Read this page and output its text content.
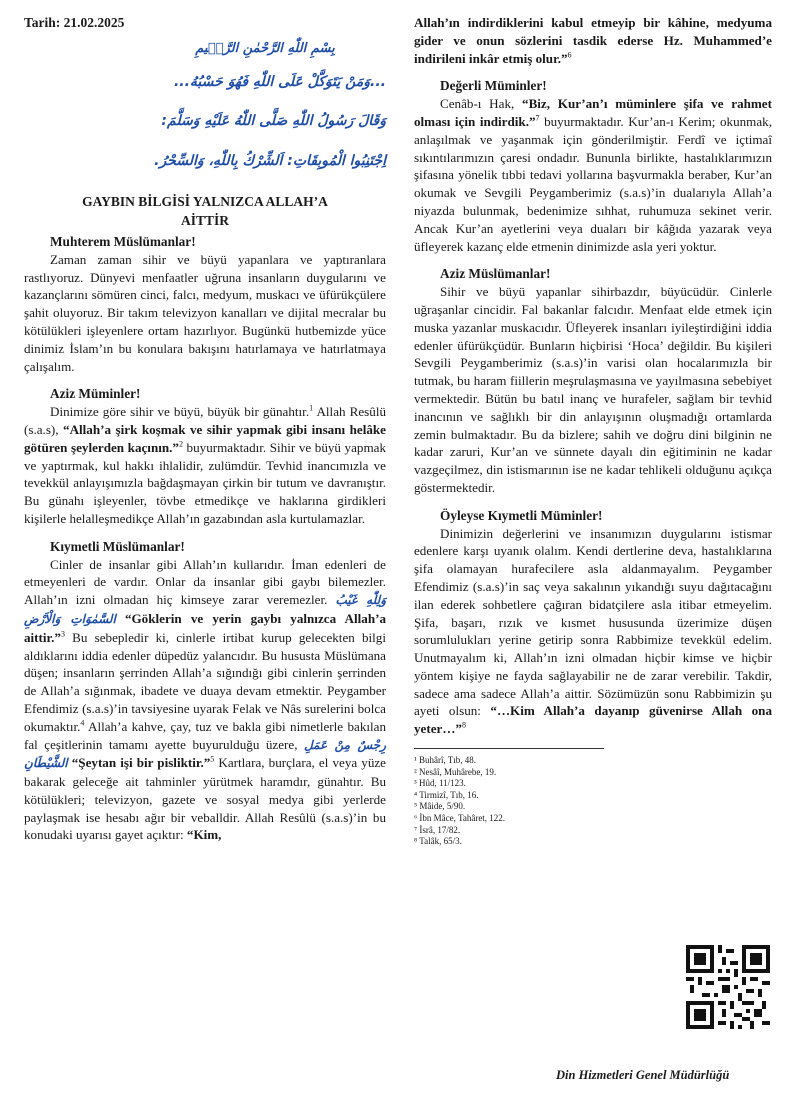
Tarih: 21.02.2025
بِسْمِ اللّٰهِ الرَّحْمٰنِ الرَّح۪يمِ
...وَمَنْ يَتَوَكَّلْ عَلَى اللّٰهِ فَهُوَ حَسْبُهُ...
وَقَالَ رَسُولُ اللّٰهِ صَلَّى اللّٰهُ عَلَيْهِ وَسَلَّمَ:
اِجْتَنِبُوا الْمُوبِقَاتِ: اَلشِّرْكُ بِاللّٰهِ، وَالسِّحْرُ.
GAYBIN BİLGİSİ YALNIZCA ALLAH’A
AİTTİR
Muhterem Müslümanlar!

Zaman zaman sihir ve büyü yapanlara ve yaptıranlara rastlıyoruz. Dünyevi menfaatler uğruna insanların duygularını ve kazançlarını sömüren cinci, falcı, medyum, muskacı ve üfürükçülere şahit oluyoruz. Bir takım televizyon kanalları ve dijital mecralar bu kötülükleri işleyenlere ortam hazırlıyor. Bugünkü hutbemizde yüce dinimiz İslam’ın bu konulara bakışını hatırlamaya ve hatırlatmaya çalışalım.

Aziz Müminler!

Dinimize göre sihir ve büyü, büyük bir günahtır.$^1$ Allah Resûlü (s.a.s), “Allah’a şirk koşmak ve sihir yapmak gibi insanı helâke götüren şeylerden kaçının.”$^2$ buyurmaktadır. Sihir ve büyü yapmak ve yaptırmak, kul hakkı ihlalidir, zulümdür. Tevhid inancımızla ve tevekkül anlayışımızla bağdaşmayan çirkin bir tutum ve davranıştır. Bu günahı işleyenler, tövbe etmedikçe ve haklarına girdikleri kişilerle helalleşmedikçe Allah’ın gazabından asla kurtulamazlar.

Kıymetli Müslümanlar!

Cinler de insanlar gibi Allah’ın kullarıdır. İman edenleri de etmeyenleri de vardır. Onlar da insanlar gibi gaybı bilemezler. Allah’ın izni olmadan hiç kimseye zarar veremezler. وَلِلّٰهِ غَيْبُ السَّمٰوَاتِ وَالْاَرْضِ “Göklerin ve yerin gaybı yalnızca Allah’a aittir.”$^3$ Bu sebepledir ki, cinlerle irtibat kurup gelecekten bilgi aldıklarını iddia edenler düpedüz yalancıdır. Bu hususta Müslümana düşen; insanların şerrinden Allah’a sığındığı gibi cinlerin şerrinden de Allah’a sığınmak, ibadete ve duaya devam etmektir. Peygamber Efendimiz (s.a.s)’in tavsiyesine uyarak Felak ve Nâs surelerini bolca okumaktır.$^4$ Allah’a kahve, çay, tuz ve bakla gibi nimetlerle bakılan fal çeşitlerinin tamamı ayette buyurulduğu üzere, رِجْسٌ مِنْ عَمَلِ الشَّيْطَانِ “Şeytan işi bir pisliktir.”$^5$ Kartlara, burçlara, el veya yüze bakarak geleceğe ait tahminler yürütmek haramdır, günahtır. Bu kötülükleri; televizyon, gazete ve sosyal medya gibi yerlerde paylaşmak ise hesabı ağır bir veballdir. Allah Resûlü (s.a.s)’in bu konudaki uyarısı gayet açıktır: “Kim,

Allah’ın indirdiklerini kabul etmeyip bir kâhine, medyuma gider ve onun sözlerini tasdik ederse Hz. Muhammed’e indirileni inkâr etmiş olur.”$^6$

Değerli Müminler!

Cenâb-ı Hak, “Biz, Kur’an’ı müminlere şifa ve rahmet olması için indirdik.”$^7$ buyurmaktadır. Kur’an-ı Kerim; okunmak, anlaşılmak ve yaşanmak için gönderilmiştir. Ferdî ve içtimaî sıkıntılarımızın çaresi ondadır. Bununla birlikte, hastalıklarımızın şifasına yönelik tıbbi tedavi yollarına başvurmakla beraber, Kur’an okumak ve Sevgili Peygamberimiz (s.a.s)’in dualarıyla Allah’a niyazda bulunmak, bedenimize sıhhat, ruhumuza sekinet verir. Ancak Kur’an ayetlerini veya duaları bir kâğıda yazarak veya üfleyerek kazanç elde etmenin dinimizde asla yeri yoktur.

Aziz Müslümanlar!

Sihir ve büyü yapanlar sihirbazdır, büyücüdür. Cinlerle uğraşanlar cincidir. Fal bakanlar falcıdır. Menfaat elde etmek için muska yazanlar muskacıdır. Üfleyerek insanları iyileştirdiğini iddia edenler üfürükçüdür. Bunların hiçbirisi ‘Hoca’ değildir. Bu kişileri Sevgili Peygamberimiz (s.a.s)’in varisi olan hocalarımızla bir tutmak, bu haram fiillerin meşrulaşmasına ve yayılmasına sebebiyet vermektedir. Bütün bu batıl inanç ve hurafeler, sağlam bir tevhid inancının ve sağlıklı bir din anlayışının oluşmadığı ortamlarda zemin bulmaktadır. Bu da bizlere; sahih ve doğru dini bilginin ne kadar zaruri, Kur’an ve sünnete dayalı din eğitiminin ne kadar vazgeçilmez, din istismarının ise ne kadar tehlikeli olduğunu açıkça göstermektedir.

Öyleyse Kıymetli Müminler!

Dinimizin değerlerini ve insanımızın duygularını istismar edenlere karşı uyanık olalım. Kendi dertlerine deva, hastalıklarına şifa olamayan hurafecilere asla aldanmayalım. Peygamber Efendimiz (s.a.s)’in saç veya sakalının yıkandığı suyu dağıtacağını ilan ederek sohbetlere çağıran bidatçilere asla itibar etmeyelim. Şifa, başarı, rızık ve kısmet hususunda üzerimize düşen sorumlulukları yerine getirip sonra Rabbimize tevekkül edelim. Unutmayalım ki, Allah’ın izni olmadan hiçbir kimse ve hiçbir yöntem kişiye ne fayda sağlayabilir ne de zarar verebilir. Takdir, sadece ama sadece Allah’a aittir. Sözümüzün sonu Rabbimizin şu ayeti olsun: “…Kim Allah’a dayanıp güvenirse Allah ona yeter…”$^8$

¹ Buhârî, Tıb, 48.
² Nesâî, Muhârebe, 19.
³ Hûd, 11/123.
⁴ Tirmizî, Tıb, 16.
⁵ Mâide, 5/90.
⁶ İbn Mâce, Tahâret, 122.
⁷ İsrâ, 17/82.
⁸ Talâk, 65/3.
Din Hizmetleri Genel Müdürlüğü
